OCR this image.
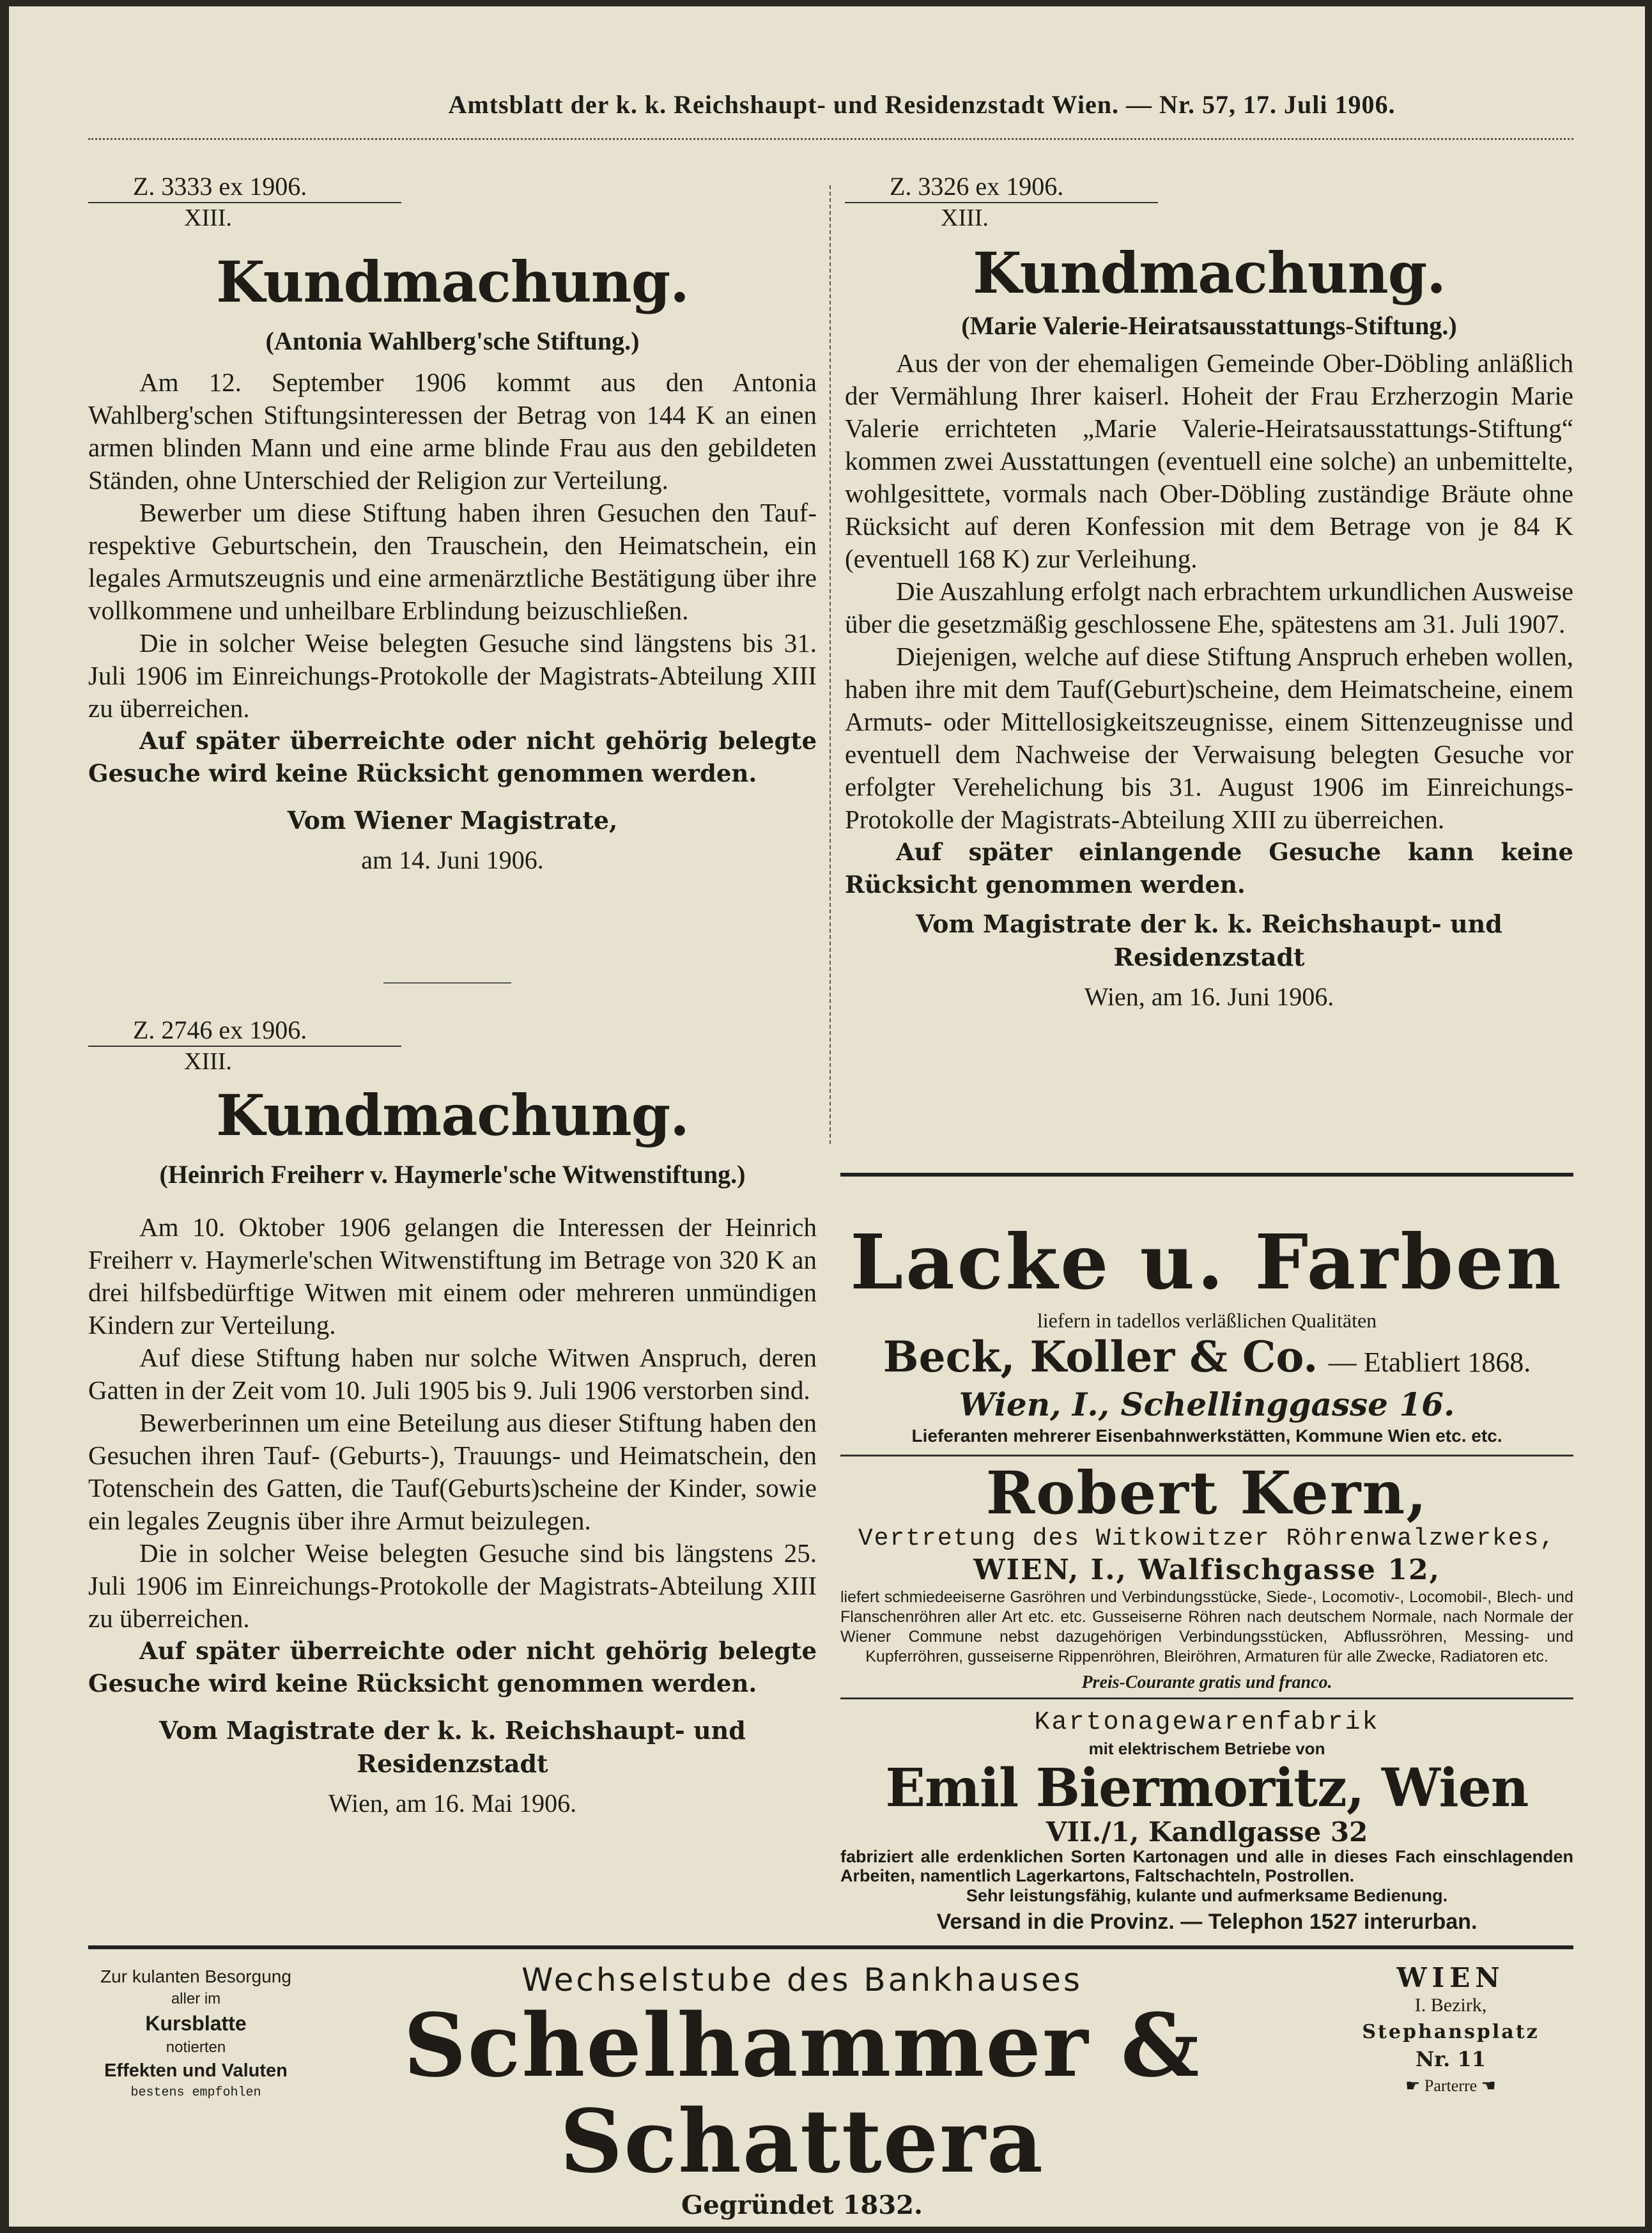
Amtsblatt der k. k. Reichshaupt- und Residenzstadt Wien. — Nr. 57, 17. Juli 1906.
Z. 3333 ex 1906.
XIII.
Kundmachung.
(Antonia Wahlberg'sche Stiftung.)

Am 12. September 1906 kommt aus den Antonia Wahlberg'schen Stiftungsinteressen der Betrag von 144 K an einen armen blinden Mann und eine arme blinde Frau aus den gebildeten Ständen, ohne Unterschied der Religion zur Verteilung.

Bewerber um diese Stiftung haben ihren Gesuchen den Tauf- respektive Geburtschein, den Trauschein, den Heimatschein, ein legales Armutszeugnis und eine armenärztliche Bestätigung über ihre vollkommene und unheilbare Erblindung beizuschließen.

Die in solcher Weise belegten Gesuche sind längstens bis 31. Juli 1906 im Einreichungs-Protokolle der Magistrats-Abteilung XIII zu überreichen.

Auf später überreichte oder nicht gehörig belegte Gesuche wird keine Rücksicht genommen werden.

Vom Wiener Magistrate,
am 14. Juni 1906.
Z. 2746 ex 1906.
XIII.
Kundmachung.
(Heinrich Freiherr v. Haymerle'sche Witwenstiftung.)

Am 10. Oktober 1906 gelangen die Interessen der Heinrich Freiherr v. Haymerle'schen Witwenstiftung im Betrage von 320 K an drei hilfsbedürftige Witwen mit einem oder mehreren unmündigen Kindern zur Verteilung.

Auf diese Stiftung haben nur solche Witwen Anspruch, deren Gatten in der Zeit vom 10. Juli 1905 bis 9. Juli 1906 verstorben sind.

Bewerberinnen um eine Beteilung aus dieser Stiftung haben den Gesuchen ihren Tauf- (Geburts-), Trauungs- und Heimatschein, den Totenschein des Gatten, die Tauf(Geburts)scheine der Kinder, sowie ein legales Zeugnis über ihre Armut beizulegen.

Die in solcher Weise belegten Gesuche sind bis längstens 25. Juli 1906 im Einreichungs-Protokolle der Magistrats-Abteilung XIII zu überreichen.

Auf später überreichte oder nicht gehörig belegte Gesuche wird keine Rücksicht genommen werden.

Vom Magistrate der k. k. Reichshaupt- und Residenzstadt
Wien, am 16. Mai 1906.
Z. 3326 ex 1906.
XIII.
Kundmachung.
(Marie Valerie-Heiratsausstattungs-Stiftung.)

Aus der von der ehemaligen Gemeinde Ober-Döbling anläßlich der Vermählung Ihrer kaiserl. Hoheit der Frau Erzherzogin Marie Valerie errichteten „Marie Valerie-Heiratsausstattungs-Stiftung“ kommen zwei Ausstattungen (eventuell eine solche) an unbemittelte, wohlgesittete, vormals nach Ober-Döbling zuständige Bräute ohne Rücksicht auf deren Konfession mit dem Betrage von je 84 K (eventuell 168 K) zur Verleihung.

Die Auszahlung erfolgt nach erbrachtem urkundlichen Ausweise über die gesetzmäßig geschlossene Ehe, spätestens am 31. Juli 1907.

Diejenigen, welche auf diese Stiftung Anspruch erheben wollen, haben ihre mit dem Tauf(Geburt)scheine, dem Heimatscheine, einem Armuts- oder Mittellosigkeitszeugnisse, einem Sittenzeugnisse und eventuell dem Nachweise der Verwaisung belegten Gesuche vor erfolgter Verehelichung bis 31. August 1906 im Einreichungs-Protokolle der Magistrats-Abteilung XIII zu überreichen.

Auf später einlangende Gesuche kann keine Rücksicht genommen werden.

Vom Magistrate der k. k. Reichshaupt- und Residenzstadt
Wien, am 16. Juni 1906.
Lacke u. Farben
liefern in tadellos verläßlichen Qualitäten
Beck, Koller & Co. — Etabliert 1868.
Wien, I., Schellinggasse 16.
Lieferanten mehrerer Eisenbahnwerkstätten, Kommune Wien etc. etc.
Robert Kern,
Vertretung des Witkowitzer Röhrenwalzwerkes,
WIEN, I., Walfischgasse 12,
liefert schmiedeeiserne Gasröhren und Verbindungsstücke, Siede-, Locomotiv-, Locomobil-, Blech- und Flanschenröhren aller Art etc. etc. Gusseiserne Röhren nach deutschem Normale, nach Normale der Wiener Commune nebst dazugehörigen Verbindungsstücken, Abflussröhren, Messing- und Kupferröhren, gusseiserne Rippenröhren, Bleiröhren, Armaturen für alle Zwecke, Radiatoren etc.
Preis-Courante gratis und franco.
Kartonagewarenfabrik
mit elektrischem Betriebe von
Emil Biermoritz, Wien
VII./1, Kandlgasse 32
fabriziert alle erdenklichen Sorten Kartonagen und alle in dieses Fach einschlagenden Arbeiten, namentlich Lagerkartons, Faltschachteln, Postrollen.
Sehr leistungsfähig, kulante und aufmerksame Bedienung.
Versand in die Provinz. — Telephon 1527 interurban.
Zur kulanten Besorgung
aller im
Kursblatte
notierten
Effekten und Valuten
bestens empfohlen
Wechselstube des Bankhauses
Schelhammer & Schattera
Gegründet 1832.
WIEN
I. Bezirk,
Stephansplatz
Nr. 11
☛ Parterre ☚
